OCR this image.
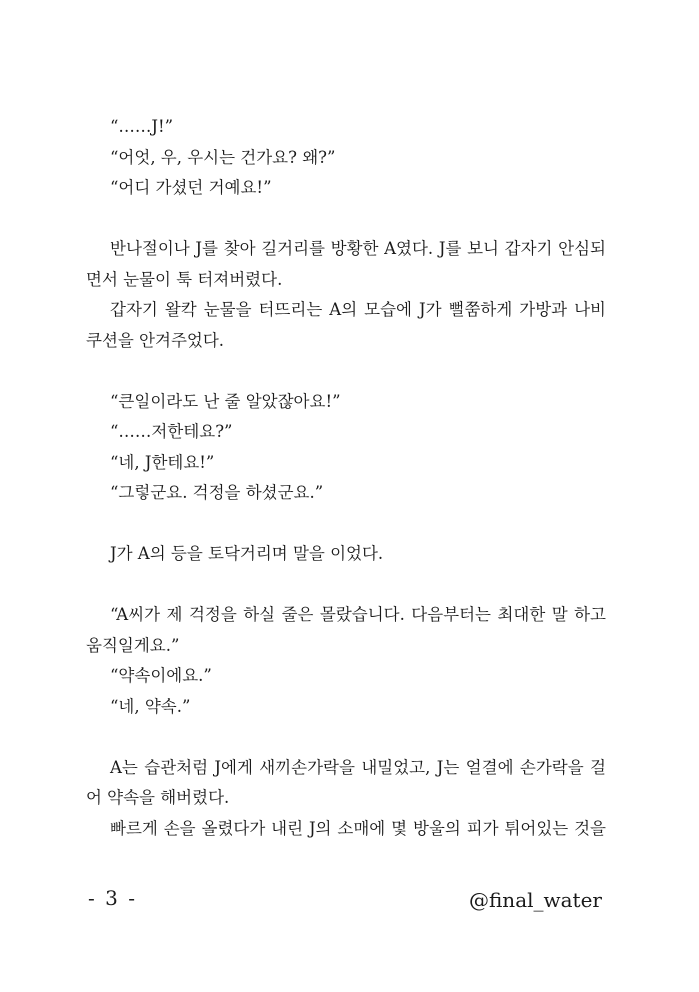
“……J!”
“어엇, 우, 우시는 건가요? 왜?”
“어디 가셨던 거예요!”
반나절이나 J를 찾아 길거리를 방황한 A였다. J를 보니 갑자기 안심되
면서 눈물이 툭 터져버렸다.
갑자기 왈칵 눈물을 터뜨리는 A의 모습에 J가 뻘쭘하게 가방과 나비
쿠션을 안겨주었다.
“큰일이라도 난 줄 알았잖아요!”
“……저한테요?”
“네, J한테요!”
“그렇군요. 걱정을 하셨군요.”
J가 A의 등을 토닥거리며 말을 이었다.
“A씨가 제 걱정을 하실 줄은 몰랐습니다. 다음부터는 최대한 말 하고
움직일게요.”
“약속이에요.”
“네, 약속.”
A는 습관처럼 J에게 새끼손가락을 내밀었고, J는 얼결에 손가락을 걸
어 약속을 해버렸다.
빠르게 손을 올렸다가 내린 J의 소매에 몇 방울의 피가 튀어있는 것을
- 3 -	@final_water
